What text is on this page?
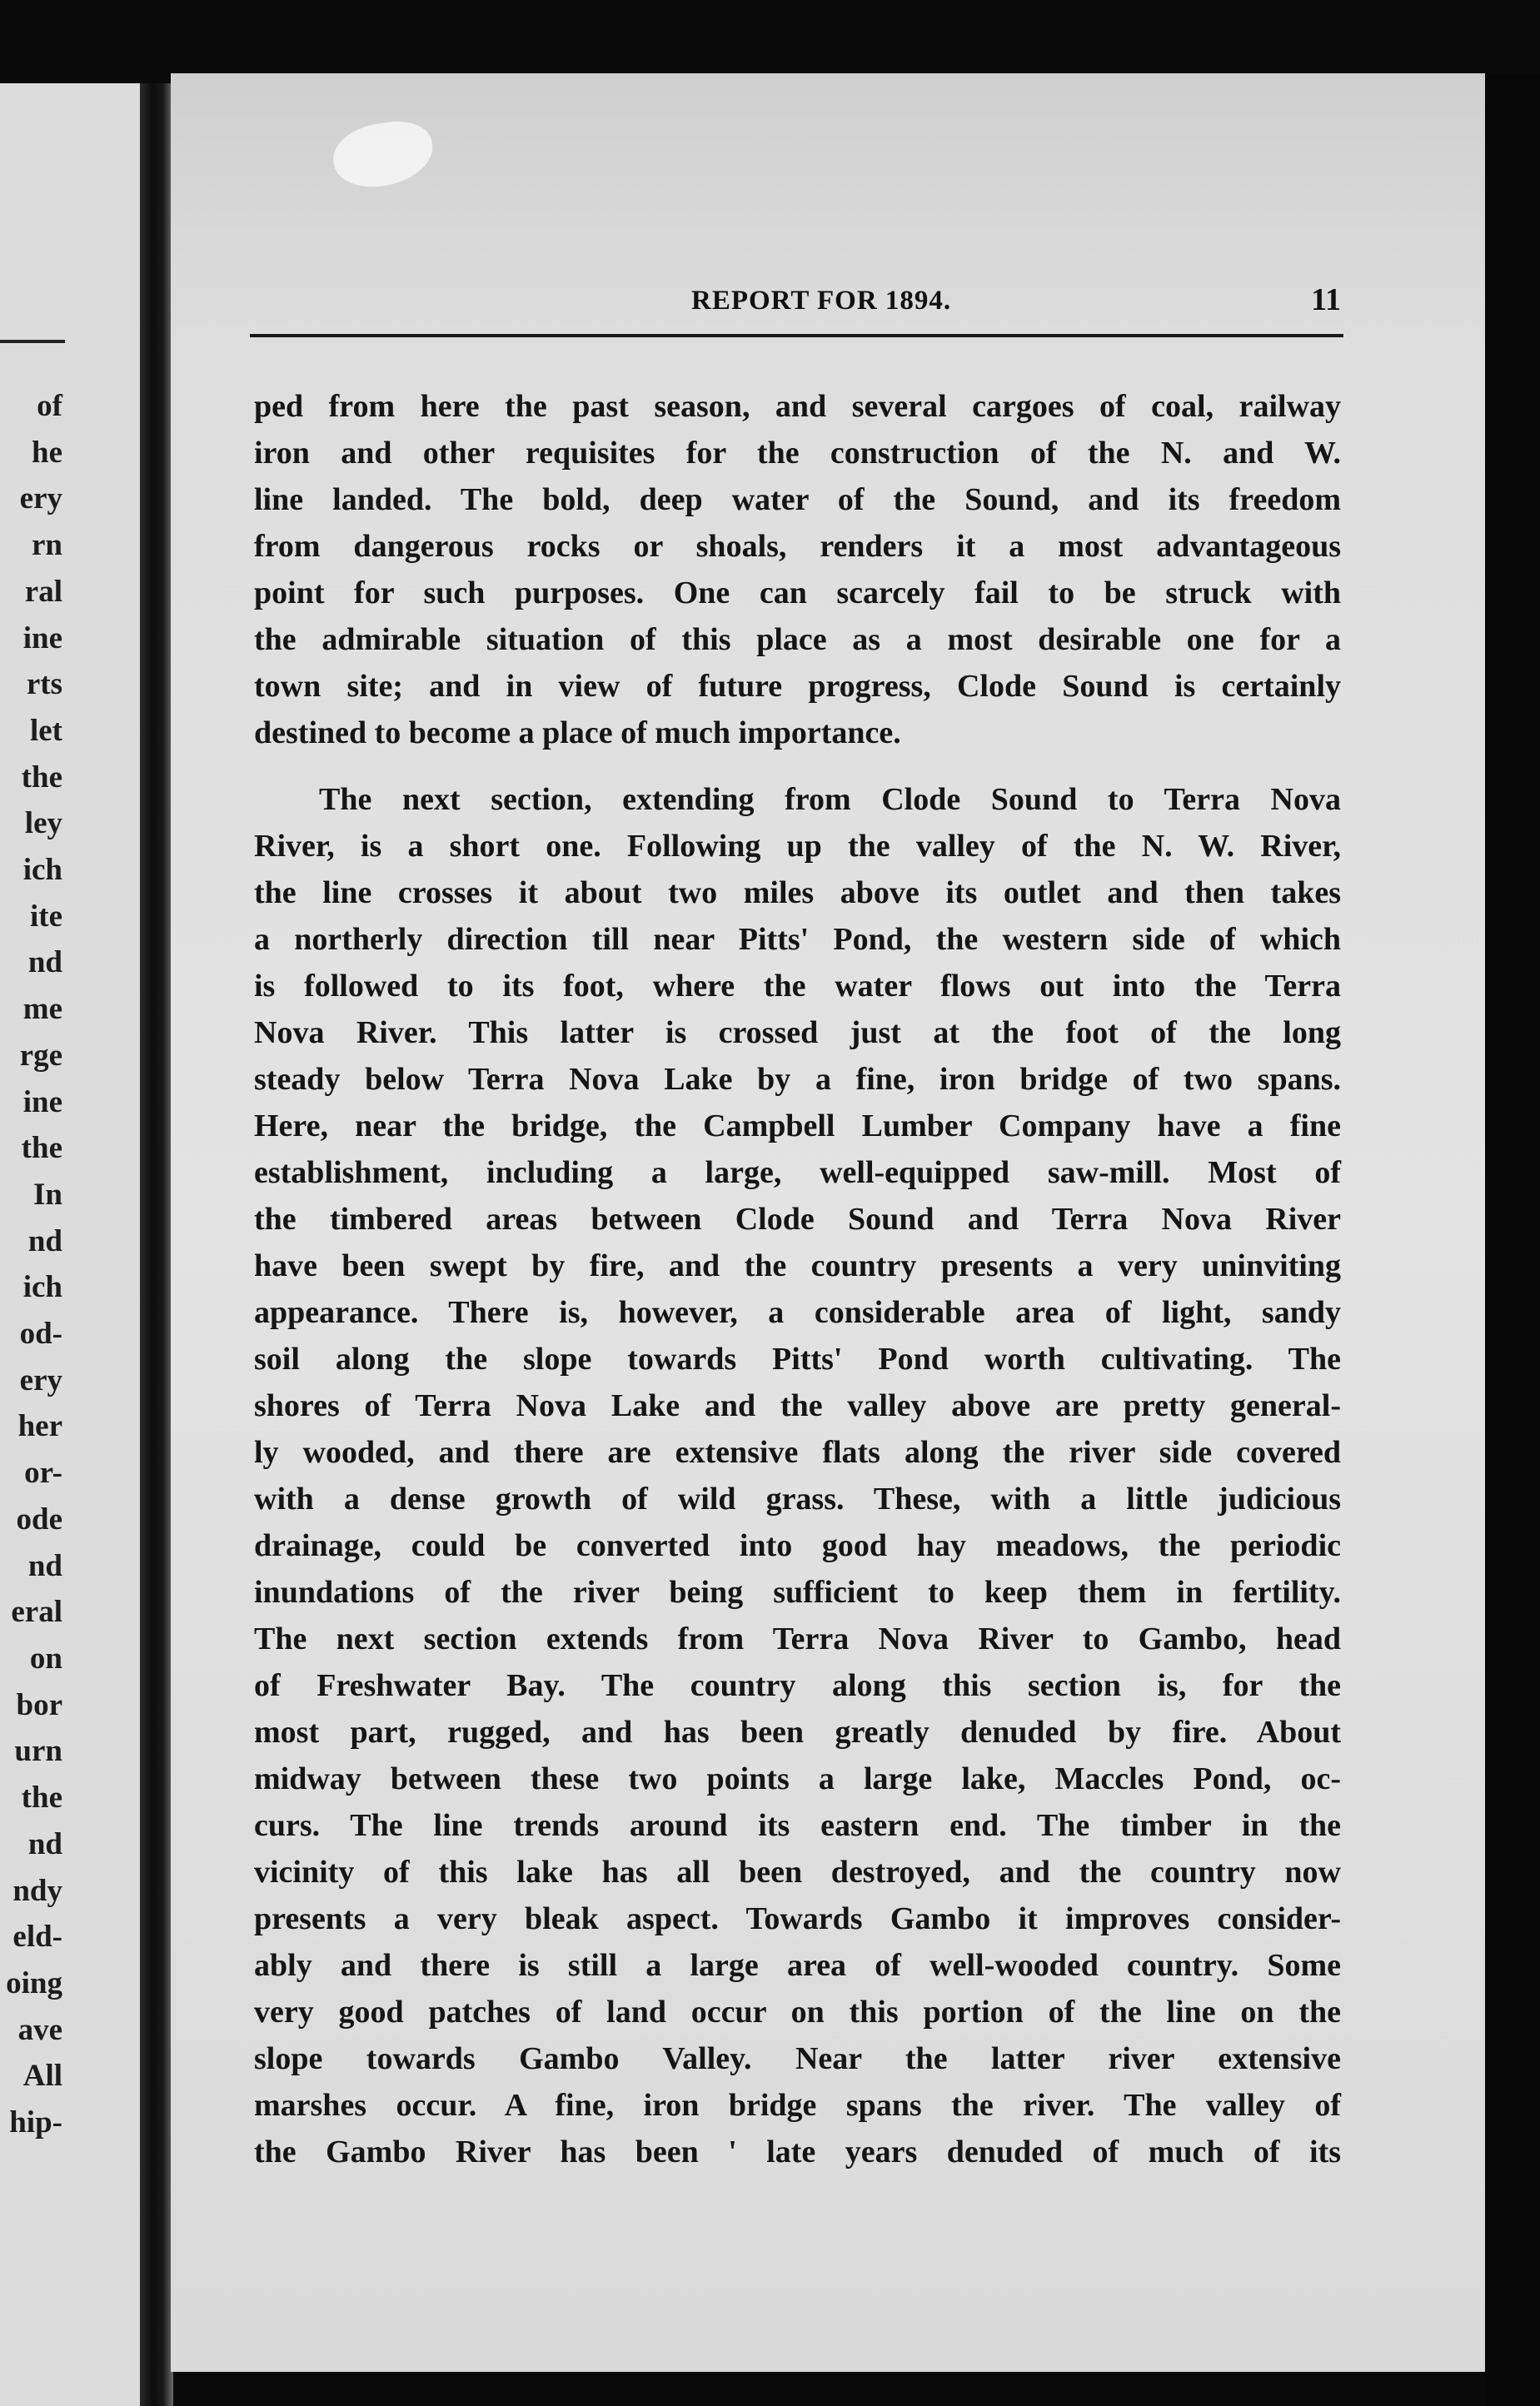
of
he
ery
rn
ral
ine
rts
let
the
ley
ich
ite
nd
me
rge
ine
the
In
nd
ich
od-
ery
her
or-
ode
nd
eral
on
bor
urn
the
nd
ndy
eld-
oing
ave
All
hip-
REPORT FOR 1894.	11
ped from here the past season, and several cargoes of coal, railway
iron and other requisites for the construction of the N. and W.
line landed. The bold, deep water of the Sound, and its freedom
from dangerous rocks or shoals, renders it a most advantageous
point for such purposes. One can scarcely fail to be struck with
the admirable situation of this place as a most desirable one for a
town site; and in view of future progress, Clode Sound is certainly
destined to become a place of much importance.
The next section, extending from Clode Sound to Terra Nova
River, is a short one. Following up the valley of the N. W. River,
the line crosses it about two miles above its outlet and then takes
a northerly direction till near Pitts' Pond, the western side of which
is followed to its foot, where the water flows out into the Terra
Nova River. This latter is crossed just at the foot of the long
steady below Terra Nova Lake by a fine, iron bridge of two spans.
Here, near the bridge, the Campbell Lumber Company have a fine
establishment, including a large, well-equipped saw-mill. Most of
the timbered areas between Clode Sound and Terra Nova River
have been swept by fire, and the country presents a very uninviting
appearance. There is, however, a considerable area of light, sandy
soil along the slope towards Pitts' Pond worth cultivating. The
shores of Terra Nova Lake and the valley above are pretty general-
ly wooded, and there are extensive flats along the river side covered
with a dense growth of wild grass. These, with a little judicious
drainage, could be converted into good hay meadows, the periodic
inundations of the river being sufficient to keep them in fertility.
The next section extends from Terra Nova River to Gambo, head
of Freshwater Bay. The country along this section is, for the
most part, rugged, and has been greatly denuded by fire. About
midway between these two points a large lake, Maccles Pond, oc-
curs. The line trends around its eastern end. The timber in the
vicinity of this lake has all been destroyed, and the country now
presents a very bleak aspect. Towards Gambo it improves consider-
ably and there is still a large area of well-wooded country. Some
very good patches of land occur on this portion of the line on the
slope towards Gambo Valley. Near the latter river extensive
marshes occur. A fine, iron bridge spans the river. The valley of
the Gambo River has been ' late years denuded of much of its
